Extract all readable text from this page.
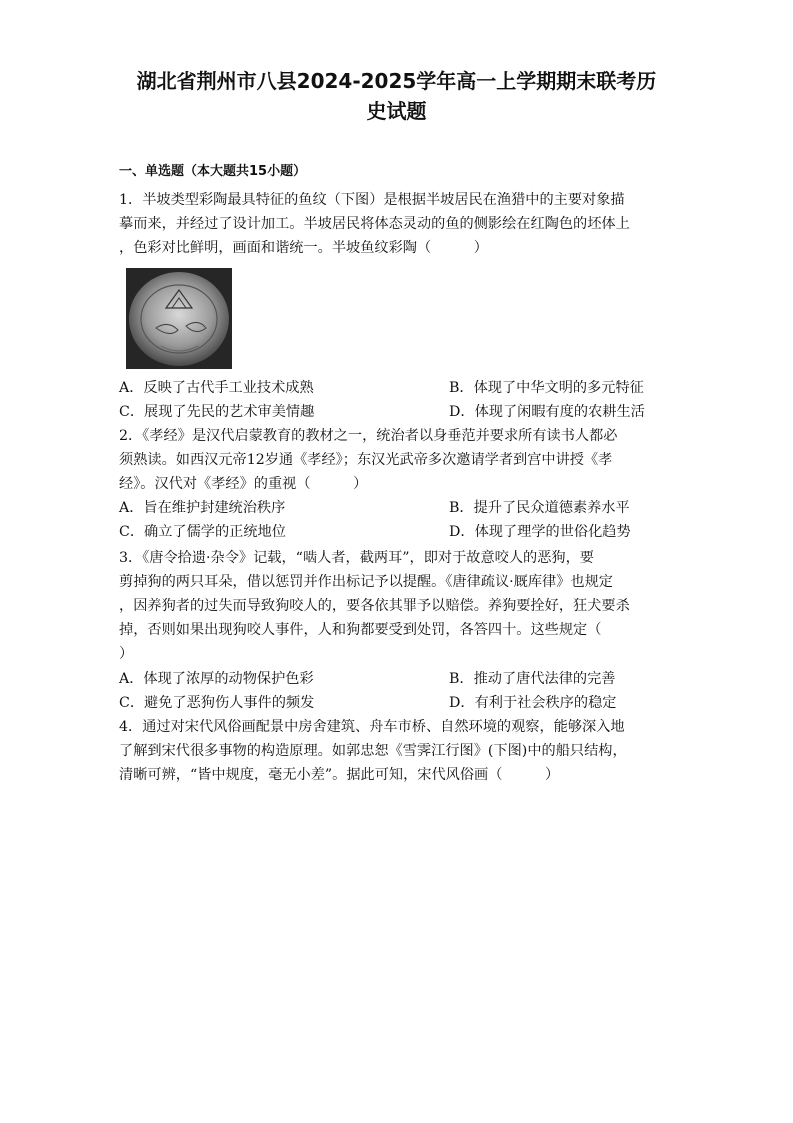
湖北省荆州市八县2024-2025学年高一上学期期末联考历
史试题
一、单选题（本大题共15小题）
1．半坡类型彩陶最具特征的鱼纹（下图）是根据半坡居民在渔猎中的主要对象描
摹而来，并经过了设计加工。半坡居民将体态灵动的鱼的侧影绘在红陶色的坯体上
，色彩对比鲜明，画面和谐统一。半坡鱼纹彩陶（　　　）
A．反映了古代手工业技术成熟	B．体现了中华文明的多元特征
C．展现了先民的艺术审美情趣	D．体现了闲暇有度的农耕生活
2．《孝经》是汉代启蒙教育的教材之一，统治者以身垂范并要求所有读书人都必
须熟读。如西汉元帝12岁通《孝经》；东汉光武帝多次邀请学者到宫中讲授《孝
经》。汉代对《孝经》的重视（　　　）
A．旨在维护封建统治秩序	B．提升了民众道德素养水平
C．确立了儒学的正统地位	D．体现了理学的世俗化趋势
3．《唐令拾遗·杂令》记载，“啮人者，截两耳”，即对于故意咬人的恶狗，要
剪掉狗的两只耳朵，借以惩罚并作出标记予以提醒。《唐律疏议·厩库律》也规定
，因养狗者的过失而导致狗咬人的，要各依其罪予以赔偿。养狗要拴好，狂犬要杀
掉，否则如果出现狗咬人事件，人和狗都要受到处罚，各答四十。这些规定（
）
A．体现了浓厚的动物保护色彩	B．推动了唐代法律的完善
C．避免了恶狗伤人事件的频发	D．有利于社会秩序的稳定
4．通过对宋代风俗画配景中房舍建筑、舟车市桥、自然环境的观察，能够深入地
了解到宋代很多事物的构造原理。如郭忠恕《雪霁江行图》(下图)中的船只结构，
清晰可辨，“皆中规度，毫无小差”。据此可知，宋代风俗画（　　　）
